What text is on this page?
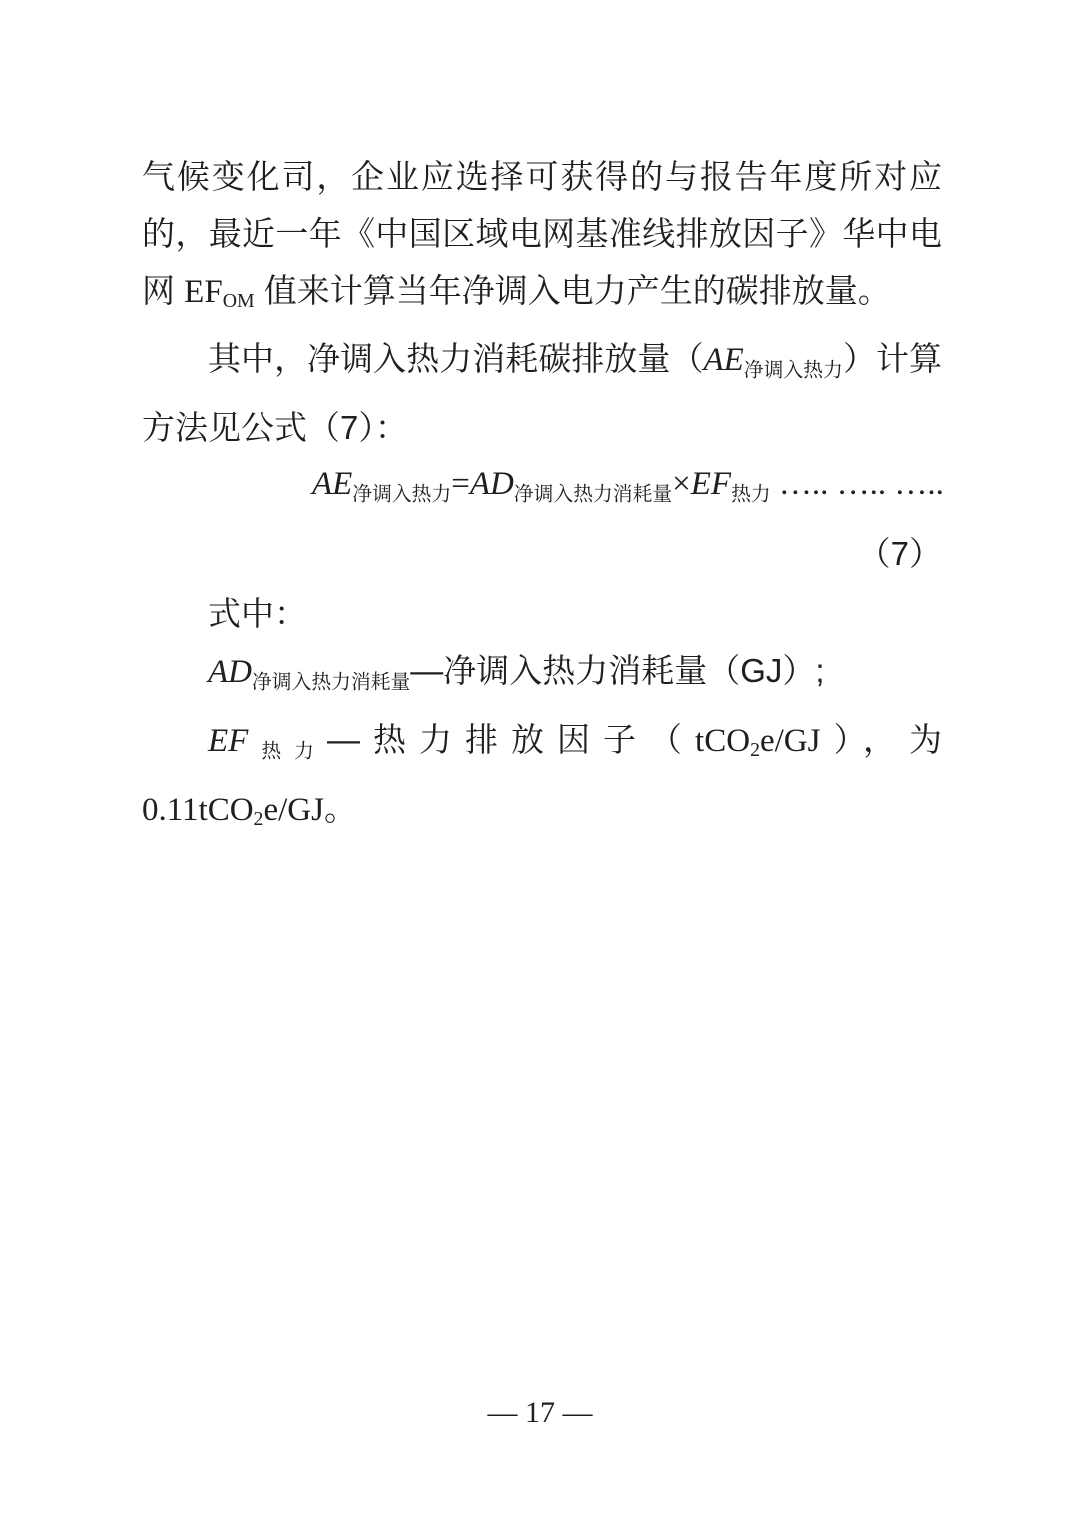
气候变化司，企业应选择可获得的与报告年度所对应的，最近一年《中国区域电网基准线排放因子》华中电网 EFOM 值来计算当年净调入电力产生的碳排放量。

其中，净调入热力消耗碳排放量$(AE_{净调入热力})$计算方法见公式（7）：

$AE_{净调入热力}=AD_{净调入热力消耗量}\times EF_{热力}$ ….. ….. …..
（7）

式中：

$AD_{净调入热力消耗量}—$净调入热力消耗量（GJ）;

$EF_{热力}—$热力排放因子（tCO2e/GJ），为 0.11tCO2e/GJ。

— 17 —
